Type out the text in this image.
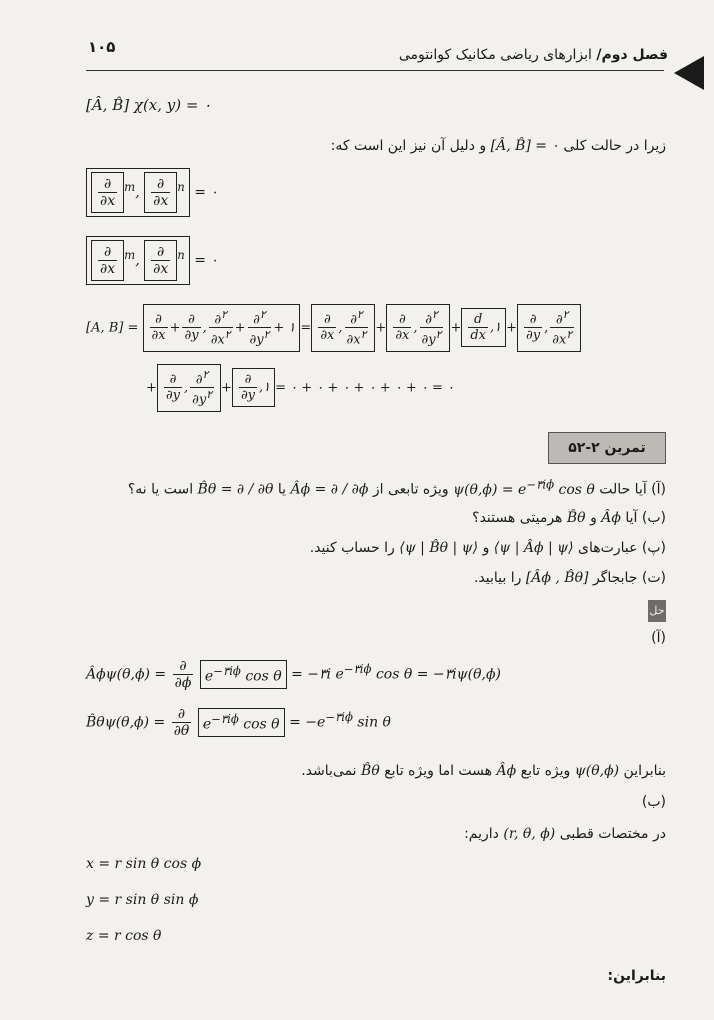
۱۰۵	فصل دوم/ ابزارهای ریاضی مکانیک کوانتومی
[Â, B̂] χ(x, y) = ۰
زیرا در حالت کلی ۰ = [Â, B̂] و دلیل آن نیز این است که:
$\frac{\partial}{\partial x} ^m$, $\frac{\partial}{\partial x} ^n$ = ۰
$\frac{\partial}{\partial x} ^m$, $\frac{\partial}{\partial x} ^n$ = ۰
[A, $B] = \frac{\partial}{\partial x} + \frac{\partial}{\partial y}$ , $\frac{\partial^۲}{\partial x^۲} + \frac{\partial^۲}{\partial y^۲}$ + ۱ = $\frac{\partial}{\partial x}$ , $\frac{\partial^۲}{\partial x^۲} + \frac{\partial}{\partial x}$ , $\frac{\partial^۲}{\partial y^۲} + \frac{d}{dx}$ ,۱ + $\frac{\partial}{\partial y}$ , $\frac{\partial^۲}{\partial x^۲}$
+ $\frac{\partial}{\partial y}$ , $\frac{\partial^۲}{\partial y^۲} + \frac{\partial}{\partial y}$ ,۱ = ۰ + ۰ + ۰ + ۰ + ۰ + ۰ = ۰
تمرین ۲-۵۲
(آ) آیا حالت $\psi(\theta,\phi) = e^{-۳i\phi}$ cos θ ویژه تابعی از Âϕ = ∂ / ∂ϕ یا B̂θ = ∂ / ∂θ است یا نه؟
(ب) آیا Âϕ و B̂θ هرمیتی هستند؟
(پ) عبارت‌های ⟨ψ | Âϕ | ψ⟩ و ⟨ψ | B̂θ | ψ⟩ را حساب کنید.
(ت) جابجاگر [Âϕ , B̂θ] را بیابید.
حل
(آ)
Âϕψ(θ,ϕ) = $\frac{\partial}{\partial\phi} e^{-۳i\phi}$ cos θ = −۳i $e^{-۳i\phi}$ cos θ = −۳iψ(θ,ϕ)
B̂θψ(θ,ϕ) = $\frac{\partial}{\partial\theta} e^{-۳i\phi}$ $\cos \theta = -e^{-۳i\phi}$ sin θ
بنابراین ψ(θ,ϕ) ویژه تابع Âϕ هست اما ویژه تابع B̂θ نمی‌باشد.
(ب)
در مختصات قطبی (r, θ, ϕ) داریم:
x = r sin θ cos ϕ
y = r sin θ sin ϕ
z = r cos θ
بنابراین:
